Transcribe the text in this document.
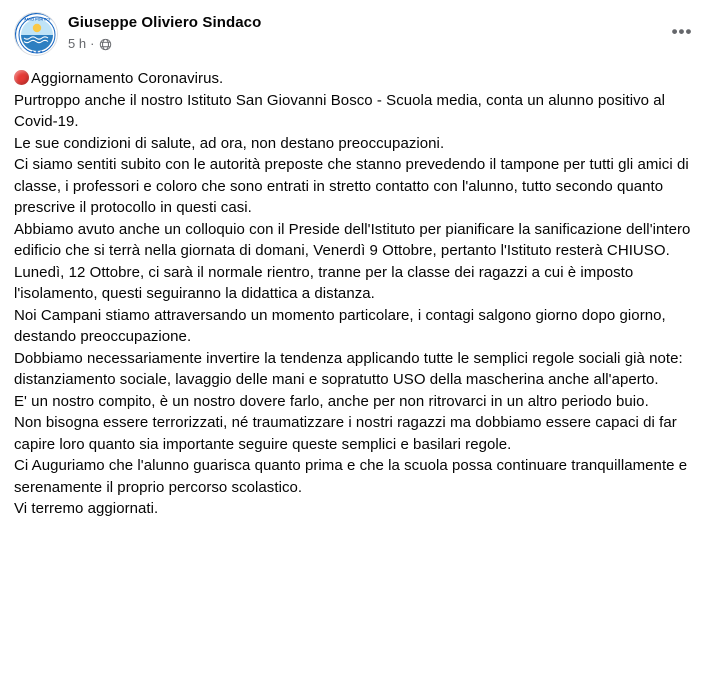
AMICI PORTICI
★ ★ ★
Giuseppe Oliviero Sindaco
5 h ·
•••

Aggiornamento Coronavirus.

Purtroppo anche il nostro Istituto San Giovanni Bosco - Scuola media, conta un alunno positivo al Covid-19.

Le sue condizioni di salute, ad ora, non destano preoccupazioni.

Ci siamo sentiti subito con le autorità preposte che stanno prevedendo il tampone per tutti gli amici di classe, i professori e coloro che sono entrati in stretto contatto con l'alunno, tutto secondo quanto prescrive il protocollo in questi casi.

Abbiamo avuto anche un colloquio con il Preside dell'Istituto per pianificare la sanificazione dell'intero edificio che si terrà nella giornata di domani, Venerdì 9 Ottobre, pertanto l'Istituto resterà CHIUSO.

Lunedì, 12 Ottobre, ci sarà il normale rientro, tranne per la classe dei ragazzi a cui è imposto l'isolamento, questi seguiranno la didattica a distanza.

Noi Campani stiamo attraversando un momento particolare, i contagi salgono giorno dopo giorno, destando preoccupazione.

Dobbiamo necessariamente invertire la tendenza applicando tutte le semplici regole sociali già note: distanziamento sociale, lavaggio delle mani e sopratutto USO della mascherina anche all'aperto.

E' un nostro compito, è un nostro dovere farlo, anche per non ritrovarci in un altro periodo buio.

Non bisogna essere terrorizzati, né traumatizzare i nostri ragazzi ma dobbiamo essere capaci di far capire loro quanto sia importante seguire queste semplici e basilari regole.

Ci Auguriamo che l'alunno guarisca quanto prima e che la scuola possa continuare tranquillamente e serenamente il proprio percorso scolastico.

Vi terremo aggiornati.
